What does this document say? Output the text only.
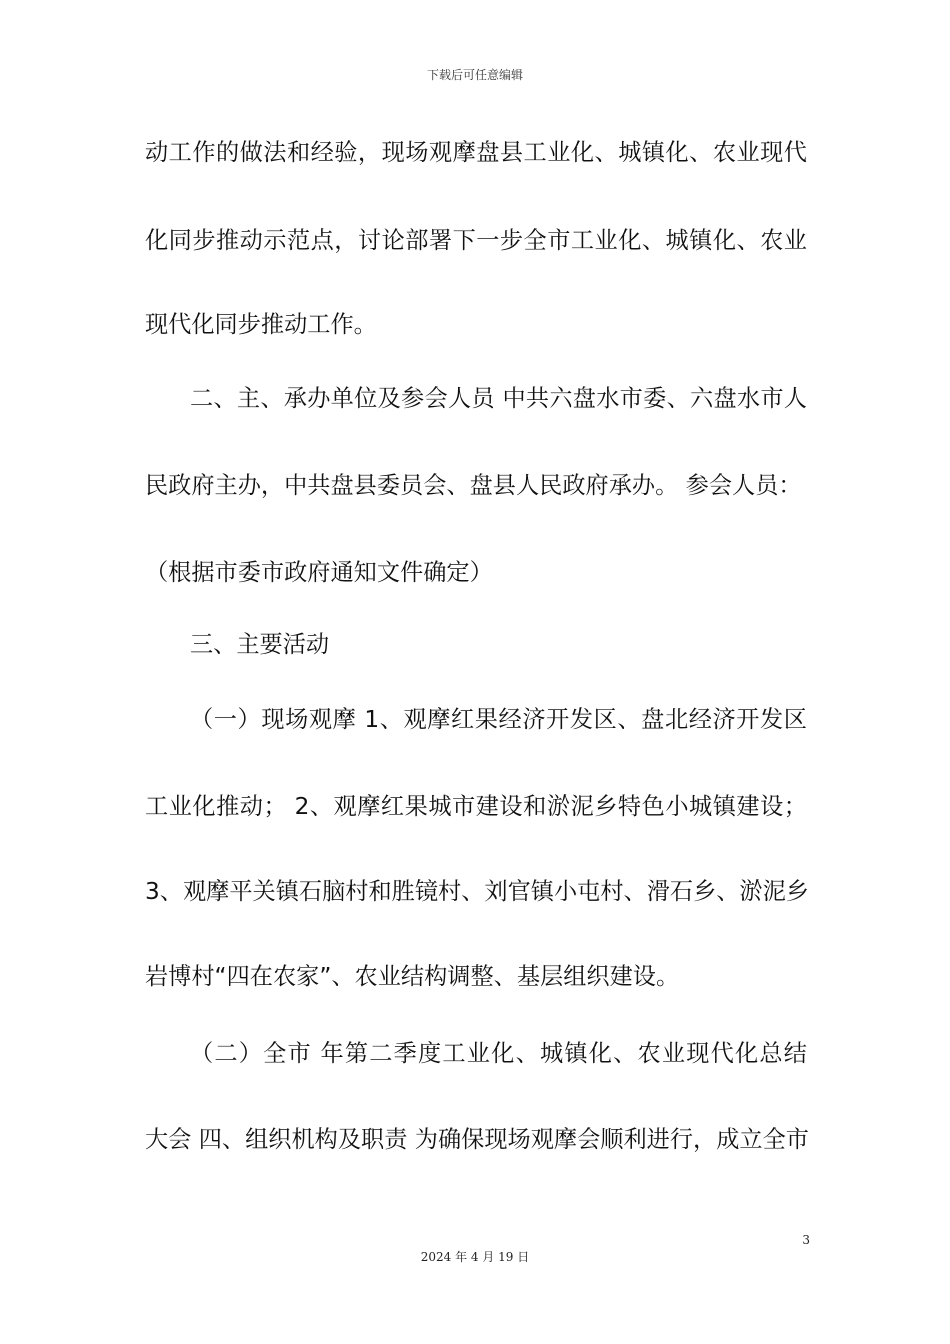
下载后可任意编辑
动工作的做法和经验，现场观摩盘县工业化、城镇化、农业现代
化同步推动示范点，讨论部署下一步全市工业化、城镇化、农业
现代化同步推动工作。
二、主、承办单位及参会人员 中共六盘水市委、六盘水市人
民政府主办，中共盘县委员会、盘县人民政府承办。 参会人员：
（根据市委市政府通知文件确定）
三、主要活动
（一）现场观摩 1、观摩红果经济开发区、盘北经济开发区
工业化推动； 2、观摩红果城市建设和淤泥乡特色小城镇建设；
3、观摩平关镇石脑村和胜镜村、刘官镇小屯村、滑石乡、淤泥乡
岩博村“四在农家”、农业结构调整、基层组织建设。
（二）全市 年第二季度工业化、城镇化、农业现代化总结
大会 四、组织机构及职责 为确保现场观摩会顺利进行，成立全市
3
2024 年 4 月 19 日
